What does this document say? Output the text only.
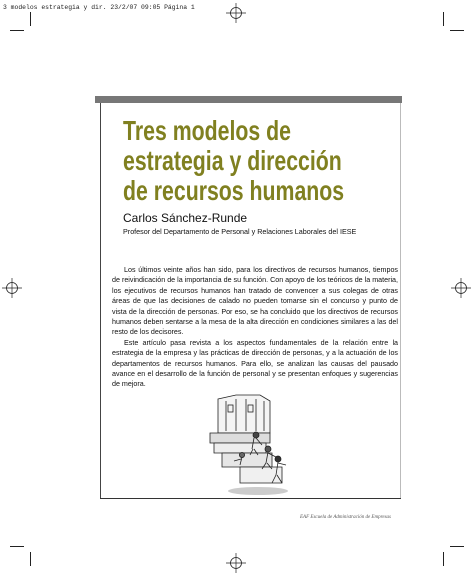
3 modelos estrategia y dir. 23/2/07 09:05 Página 1
Tres modelos de
estrategia y dirección
de recursos humanos
Carlos Sánchez-Runde
Profesor del Departamento de Personal y Relaciones Laborales del IESE

Los últimos veinte años han sido, para los directivos de recursos humanos, tiempos de reivindicación de la importancia de su función. Con apoyo de los teóricos de la materia, los ejecutivos de recursos humanos han tratado de convencer a sus colegas de otras áreas de que las decisiones de calado no pueden tomarse sin el concurso y punto de vista de la dirección de personas. Por eso, se ha concluido que los directivos de recursos humanos deben sentarse a la mesa de la alta dirección en condiciones similares a las del resto de los decisores.

Este artículo pasa revista a los aspectos fundamentales de la relación entre la estrategia de la empresa y las prácticas de dirección de personas, y a la actuación de los departamentos de recursos humanos. Para ello, se analizan las causas del pausado avance en el desarrollo de la función de personal y se presentan enfoques y sugerencias de mejora.

EAF Escuela de Administración de Empresas
